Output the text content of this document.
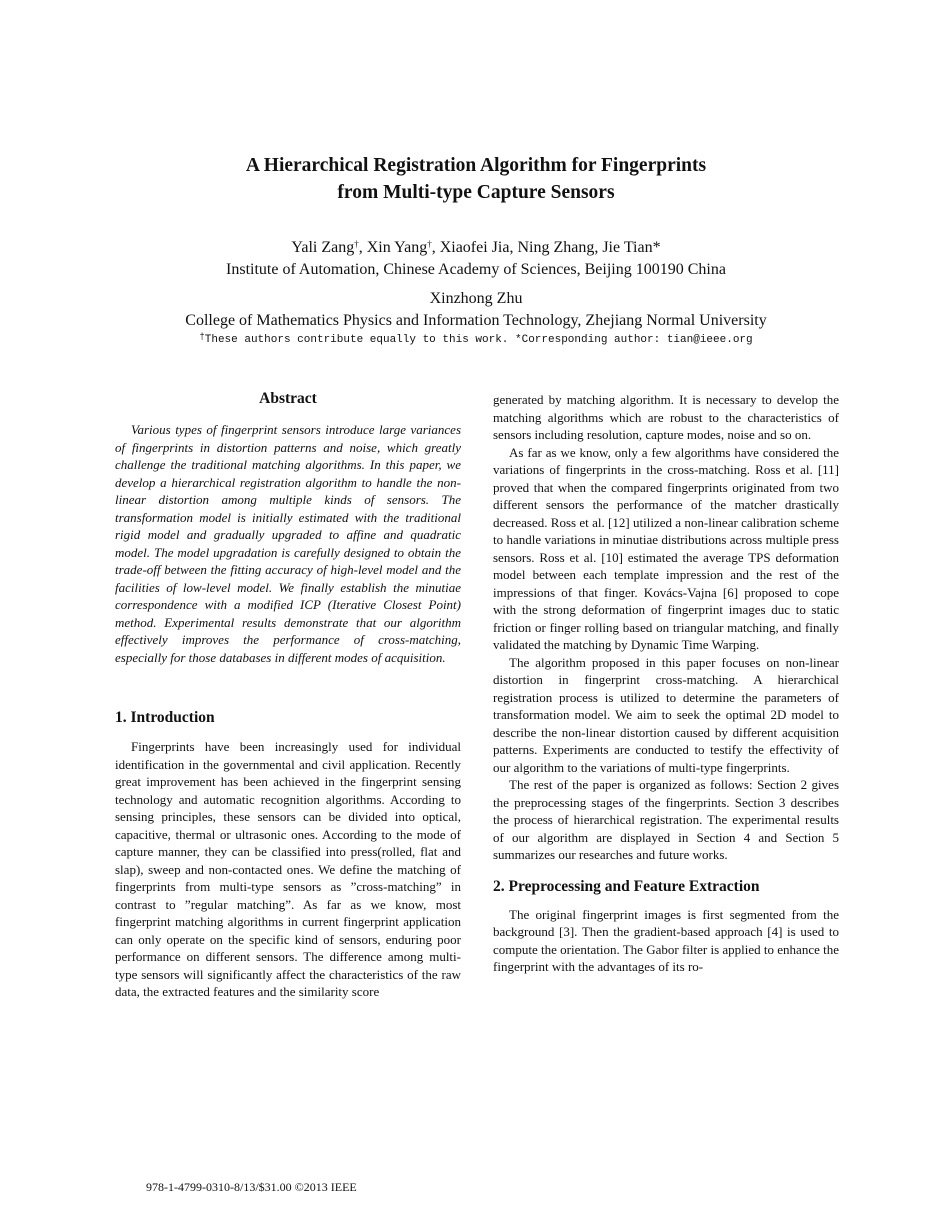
A Hierarchical Registration Algorithm for Fingerprints
from Multi-type Capture Sensors
Yali Zang†, Xin Yang†, Xiaofei Jia, Ning Zhang, Jie Tian*
Institute of Automation, Chinese Academy of Sciences, Beijing 100190 China
Xinzhong Zhu
College of Mathematics Physics and Information Technology, Zhejiang Normal University
†These authors contribute equally to this work. *Corresponding author: tian@ieee.org
Abstract

Various types of fingerprint sensors introduce large variances of fingerprints in distortion patterns and noise, which greatly challenge the traditional matching algorithms. In this paper, we develop a hierarchical registration algorithm to handle the non-linear distortion among multiple kinds of sensors. The transformation model is initially estimated with the traditional rigid model and gradually upgraded to affine and quadratic model. The model upgradation is carefully designed to obtain the trade-off between the fitting accuracy of high-level model and the facilities of low-level model. We finally establish the minutiae correspondence with a modified ICP (Iterative Closest Point) method. Experimental results demonstrate that our algorithm effectively improves the performance of cross-matching, especially for those databases in different modes of acquisition.

1. Introduction

Fingerprints have been increasingly used for individual identification in the governmental and civil application. Recently great improvement has been achieved in the fingerprint sensing technology and automatic recognition algorithms. According to sensing principles, these sensors can be divided into optical, capacitive, thermal or ultrasonic ones. According to the mode of capture manner, they can be classified into press(rolled, flat and slap), sweep and non-contacted ones. We define the matching of fingerprints from multi-type sensors as ”cross-matching” in contrast to ”regular matching”. As far as we know, most fingerprint matching algorithms in current fingerprint application can only operate on the specific kind of sensors, enduring poor performance on different sensors. The difference among multi-type sensors will significantly affect the characteristics of the raw data, the extracted features and the similarity score

generated by matching algorithm. It is necessary to develop the matching algorithms which are robust to the characteristics of sensors including resolution, capture modes, noise and so on.

As far as we know, only a few algorithms have considered the variations of fingerprints in the cross-matching. Ross et al. [11] proved that when the compared fingerprints originated from two different sensors the performance of the matcher drastically decreased. Ross et al. [12] utilized a non-linear calibration scheme to handle variations in minutiae distributions across multiple press sensors. Ross et al. [10] estimated the average TPS deformation model between each template impression and the rest of the impressions of that finger. Kovács-Vajna [6] proposed to cope with the strong deformation of fingerprint images duc to static friction or finger rolling based on triangular matching, and finally validated the matching by Dynamic Time Warping.

The algorithm proposed in this paper focuses on non-linear distortion in fingerprint cross-matching. A hierarchical registration process is utilized to determine the parameters of transformation model. We aim to seek the optimal 2D model to describe the non-linear distortion caused by different acquisition patterns. Experiments are conducted to testify the effectivity of our algorithm to the variations of multi-type fingerprints.

The rest of the paper is organized as follows: Section 2 gives the preprocessing stages of the fingerprints. Section 3 describes the process of hierarchical registration. The experimental results of our algorithm are displayed in Section 4 and Section 5 summarizes our researches and future works.

2. Preprocessing and Feature Extraction

The original fingerprint images is first segmented from the background [3]. Then the gradient-based approach [4] is used to compute the orientation. The Gabor filter is applied to enhance the fingerprint with the advantages of its ro-

978-1-4799-0310-8/13/$31.00 ©2013 IEEE
